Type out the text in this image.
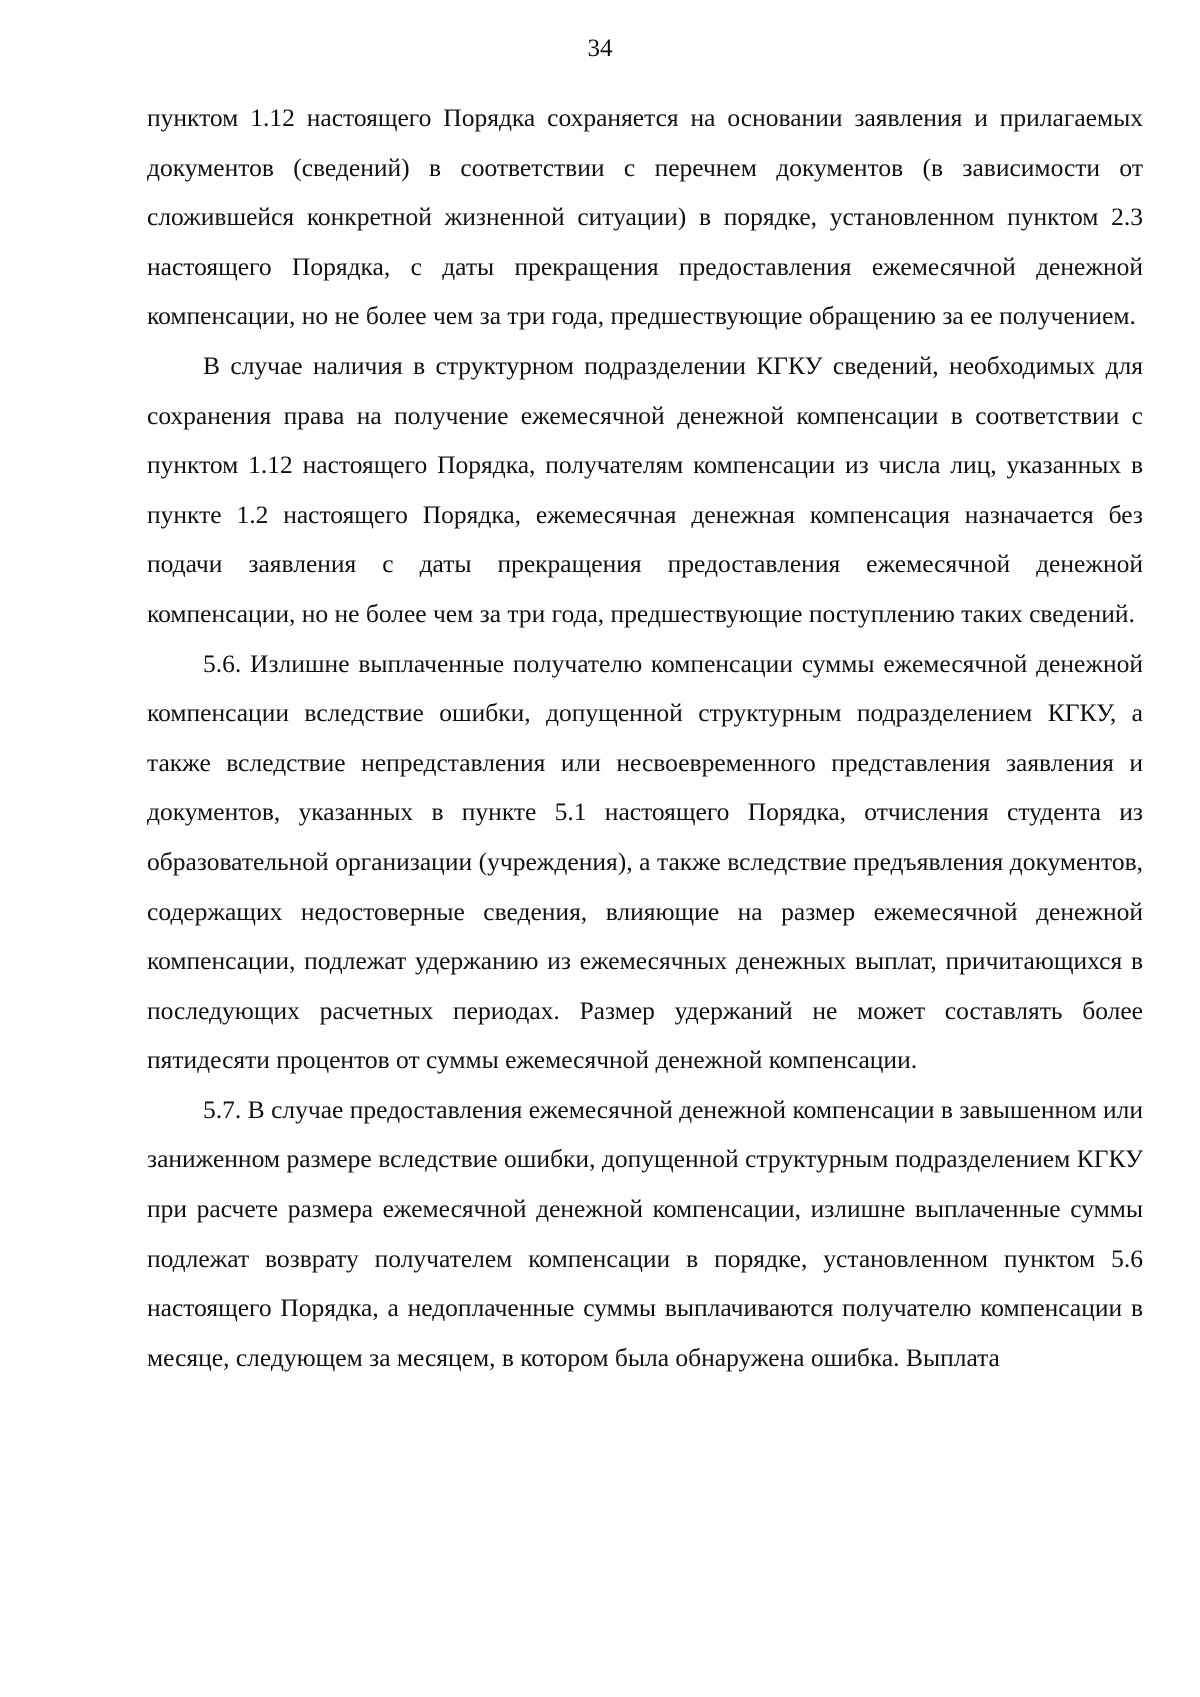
34

пунктом 1.12 настоящего Порядка сохраняется на основании заявления и прилагаемых документов (сведений) в соответствии с перечнем документов (в зависимости от сложившейся конкретной жизненной ситуации) в порядке, установленном пунктом 2.3 настоящего Порядка, с даты прекращения предоставления ежемесячной денежной компенсации, но не более чем за три года, предшествующие обращению за ее получением.

В случае наличия в структурном подразделении КГКУ сведений, необходимых для сохранения права на получение ежемесячной денежной компенсации в соответствии с пунктом 1.12 настоящего Порядка, получателям компенсации из числа лиц, указанных в пункте 1.2 настоящего Порядка, ежемесячная денежная компенсация назначается без подачи заявления с даты прекращения предоставления ежемесячной денежной компенсации, но не более чем за три года, предшествующие поступлению таких сведений.

5.6. Излишне выплаченные получателю компенсации суммы ежемесячной денежной компенсации вследствие ошибки, допущенной структурным подразделением КГКУ, а также вследствие непредставления или несвоевременного представления заявления и документов, указанных в пункте 5.1 настоящего Порядка, отчисления студента из образовательной организации (учреждения), а также вследствие предъявления документов, содержащих недостоверные сведения, влияющие на размер ежемесячной денежной компенсации, подлежат удержанию из ежемесячных денежных выплат, причитающихся в последующих расчетных периодах. Размер удержаний не может составлять более пятидесяти процентов от суммы ежемесячной денежной компенсации.

5.7. В случае предоставления ежемесячной денежной компенсации в завышенном или заниженном размере вследствие ошибки, допущенной структурным подразделением КГКУ при расчете размера ежемесячной денежной компенсации, излишне выплаченные суммы подлежат возврату получателем компенсации в порядке, установленном пунктом 5.6 настоящего Порядка, а недоплаченные суммы выплачиваются получателю компенсации в месяце, следующем за месяцем, в котором была обнаружена ошибка. Выплата
